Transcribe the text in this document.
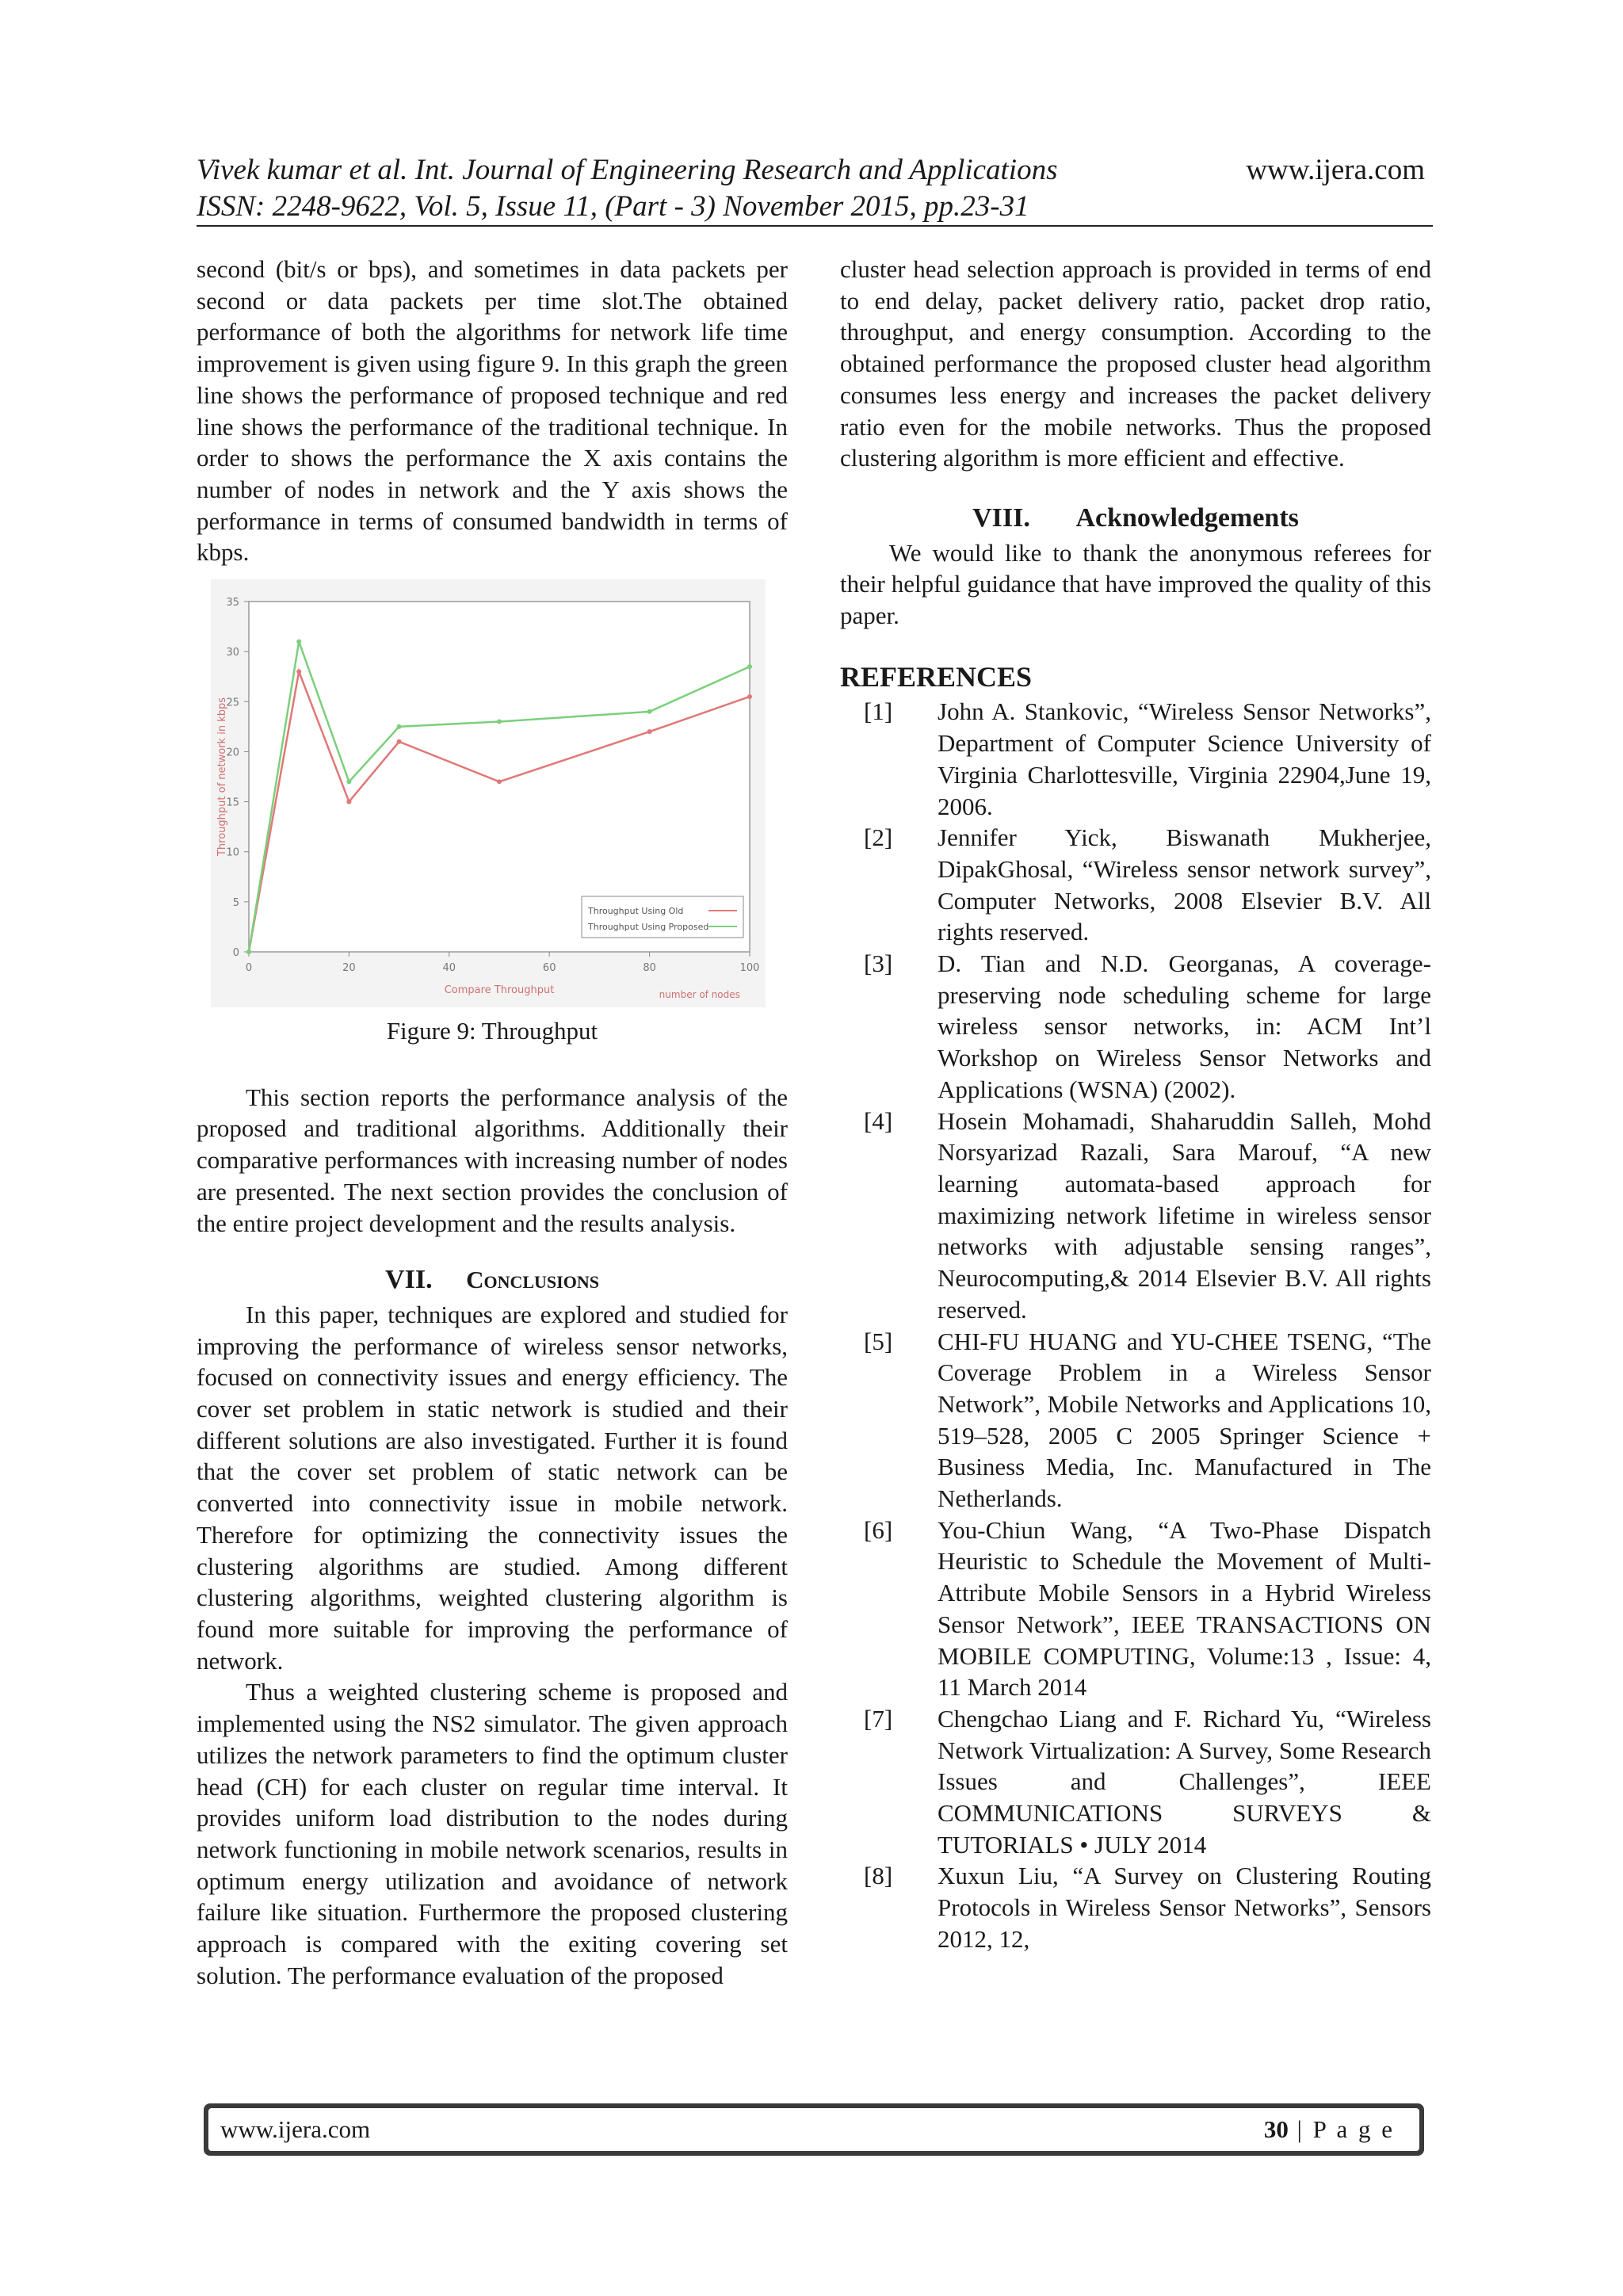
Vivek kumar et al. Int. Journal of Engineering Research and Applications
ISSN: 2248-9622, Vol. 5, Issue 11, (Part - 3) November 2015, pp.23-31
www.ijera.com

second (bit/s or bps), and sometimes in data packets per second or data packets per time slot.The obtained performance of both the algorithms for network life time improvement is given using figure 9. In this graph the green line shows the performance of proposed technique and red line shows the performance of the traditional technique. In order to shows the performance the X axis contains the number of nodes in network and the Y axis shows the performance in terms of consumed bandwidth in terms of kbps.

0
5
10
15
20
25
30
35
0	20	40	60	80	100
Throughput of network in kbps
Compare Throughput	number of nodes
Throughput Using Old
Throughput Using Proposed
Figure 9: Throughput

This section reports the performance analysis of the proposed and traditional algorithms. Additionally their comparative performances with increasing number of nodes are presented. The next section provides the conclusion of the entire project development and the results analysis.

VII. Conclusions

In this paper, techniques are explored and studied for improving the performance of wireless sensor networks, focused on connectivity issues and energy efficiency. The cover set problem in static network is studied and their different solutions are also investigated. Further it is found that the cover set problem of static network can be converted into connectivity issue in mobile network. Therefore for optimizing the connectivity issues the clustering algorithms are studied. Among different clustering algorithms, weighted clustering algorithm is found more suitable for improving the performance of network.

Thus a weighted clustering scheme is proposed and implemented using the NS2 simulator. The given approach utilizes the network parameters to find the optimum cluster head (CH) for each cluster on regular time interval. It provides uniform load distribution to the nodes during network functioning in mobile network scenarios, results in optimum energy utilization and avoidance of network failure like situation. Furthermore the proposed clustering approach is compared with the exiting covering set solution. The performance evaluation of the proposed

cluster head selection approach is provided in terms of end to end delay, packet delivery ratio, packet drop ratio, throughput, and energy consumption. According to the obtained performance the proposed cluster head algorithm consumes less energy and increases the packet delivery ratio even for the mobile networks. Thus the proposed clustering algorithm is more efficient and effective.

VIII. Acknowledgements

We would like to thank the anonymous referees for their helpful guidance that have improved the quality of this paper.

REFERENCES
[1] John A. Stankovic, “Wireless Sensor Networks”, Department of Computer Science University of Virginia Charlottesville, Virginia 22904,June 19, 2006.
[2] Jennifer Yick, Biswanath Mukherjee, DipakGhosal, “Wireless sensor network survey”, Computer Networks, 2008 Elsevier B.V. All rights reserved.
[3] D. Tian and N.D. Georganas, A coverage-preserving node scheduling scheme for large wireless sensor networks, in: ACM Int’l Workshop on Wireless Sensor Networks and Applications (WSNA) (2002).
[4] Hosein Mohamadi, Shaharuddin Salleh, Mohd Norsyarizad Razali, Sara Marouf, “A new learning automata-based approach for maximizing network lifetime in wireless sensor networks with adjustable sensing ranges”, Neurocomputing,& 2014 Elsevier B.V. All rights reserved.
[5] CHI-FU HUANG and YU-CHEE TSENG, “The Coverage Problem in a Wireless Sensor Network”, Mobile Networks and Applications 10, 519–528, 2005 C 2005 Springer Science + Business Media, Inc. Manufactured in The Netherlands.
[6] You-Chiun Wang, “A Two-Phase Dispatch Heuristic to Schedule the Movement of Multi-Attribute Mobile Sensors in a Hybrid Wireless Sensor Network”, IEEE TRANSACTIONS ON MOBILE COMPUTING, Volume:13 , Issue: 4, 11 March 2014
[7] Chengchao Liang and F. Richard Yu, “Wireless Network Virtualization: A Survey, Some Research Issues and Challenges”, IEEE COMMUNICATIONS SURVEYS & TUTORIALS • JULY 2014
[8] Xuxun Liu, “A Survey on Clustering Routing Protocols in Wireless Sensor Networks”, Sensors 2012, 12,
www.ijera.com	30 | P a g e
